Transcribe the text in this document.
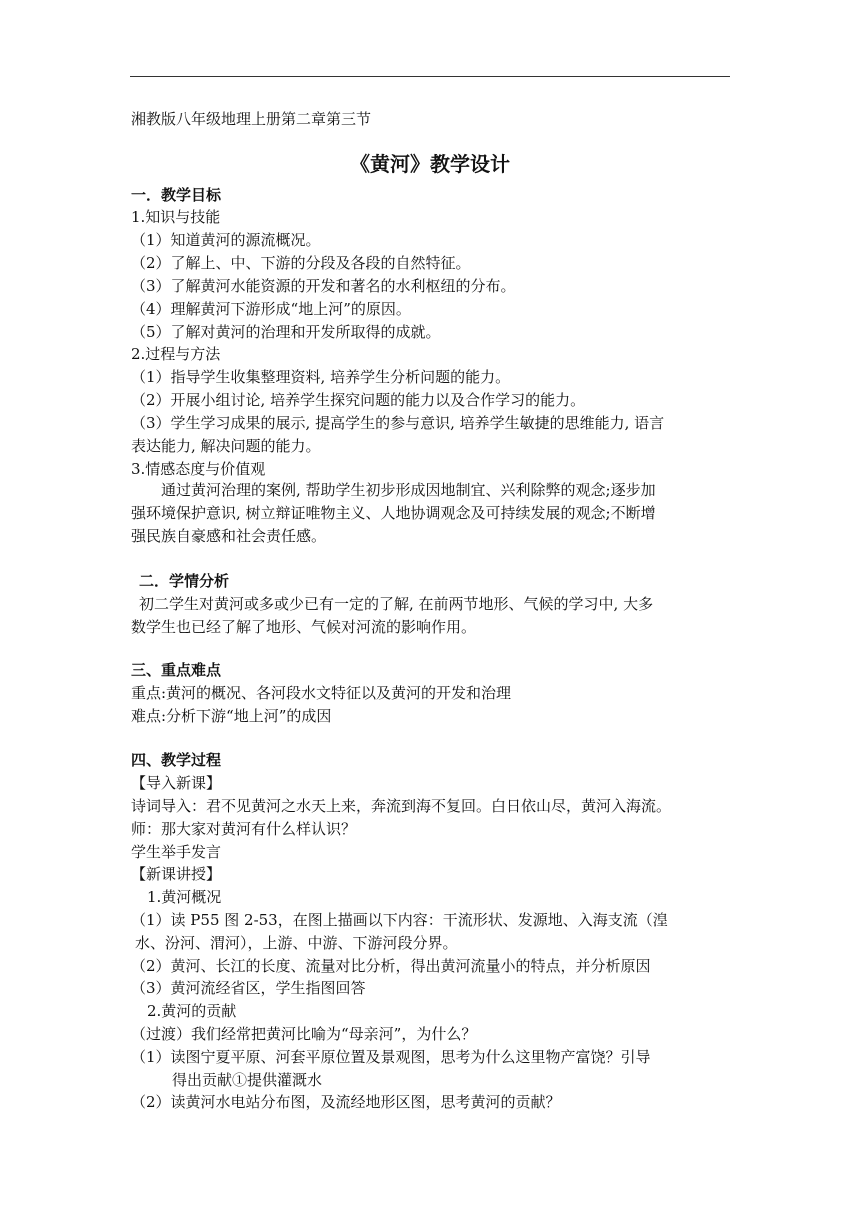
湘教版八年级地理上册第二章第三节
《黄河》教学设计
一．教学目标
1.知识与技能
（1）知道黄河的源流概况。
（2）了解上、中、下游的分段及各段的自然特征。
（3）了解黄河水能资源的开发和著名的水利枢纽的分布。
（4）理解黄河下游形成“地上河”的原因。
（5）了解对黄河的治理和开发所取得的成就。
2.过程与方法
（1）指导学生收集整理资料, 培养学生分析问题的能力。
（2）开展小组讨论, 培养学生探究问题的能力以及合作学习的能力。
（3）学生学习成果的展示, 提高学生的参与意识, 培养学生敏捷的思维能力, 语言
表达能力, 解决问题的能力。
3.情感态度与价值观
通过黄河治理的案例, 帮助学生初步形成因地制宜、兴利除弊的观念;逐步加
强环境保护意识, 树立辩证唯物主义、人地协调观念及可持续发展的观念;不断增
强民族自豪感和社会责任感。
二．学情分析
初二学生对黄河或多或少已有一定的了解, 在前两节地形、气候的学习中, 大多
数学生也已经了解了地形、气候对河流的影响作用。
三、重点难点
重点:黄河的概况、各河段水文特征以及黄河的开发和治理
难点:分析下游“地上河”的成因
四、教学过程
【导入新课】
诗词导入：君不见黄河之水天上来，奔流到海不复回。白日依山尽，黄河入海流。
师：那大家对黄河有什么样认识？
学生举手发言
【新课讲授】
1.黄河概况
（1）读 P55 图 2-53，在图上描画以下内容：干流形状、发源地、入海支流（湟
水、汾河、渭河），上游、中游、下游河段分界。
（2）黄河、长江的长度、流量对比分析，得出黄河流量小的特点，并分析原因
（3）黄河流经省区，学生指图回答
2.黄河的贡献
（过渡）我们经常把黄河比喻为“母亲河”，为什么？
（1）读图宁夏平原、河套平原位置及景观图，思考为什么这里物产富饶？引导
得出贡献①提供灌溉水
（2）读黄河水电站分布图，及流经地形区图，思考黄河的贡献？
